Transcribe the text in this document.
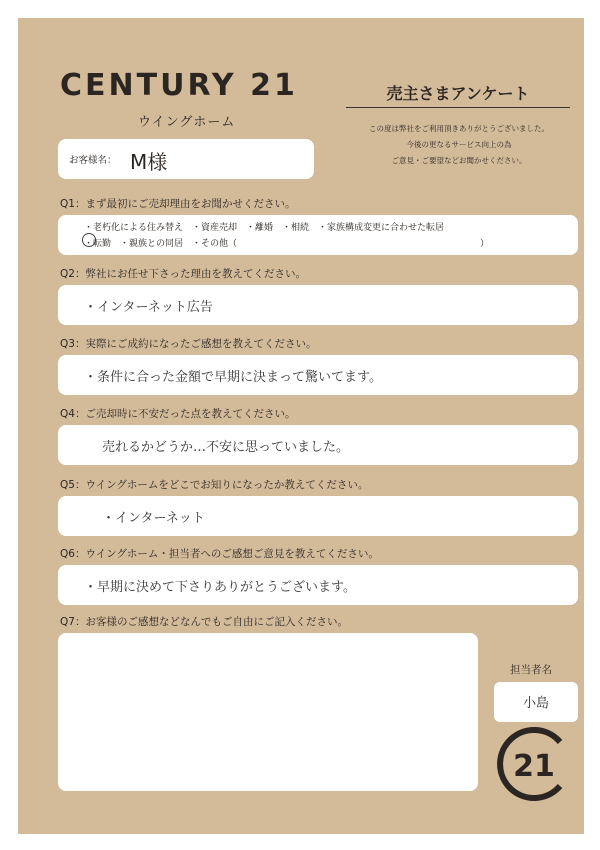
CENTURY 21
ウイングホーム
売主さまアンケート
この度は弊社をご利用頂きありがとうございました。
今後の更なるサービス向上の為
ご意見・ご要望などお聞かせください。
お客様名： M様
Q1：まず最初にご売却理由をお聞かせください。
・老朽化による住み替え　・資産売却　・離婚　・相続　・家族構成変更に合わせた転居
・転勤　・親族との同居　・その他（　　　　　　　　　　　　　　　　　　　　　　　　　　　）
Q2：弊社にお任せ下さった理由を教えてください。
・インターネット広告
Q3：実際にご成約になったご感想を教えてください。
・条件に合った金額で早期に決まって驚いてます。
Q4：ご売却時に不安だった点を教えてください。
売れるかどうか…不安に思っていました。
Q5：ウイングホームをどこでお知りになったか教えてください。
・インターネット
Q6：ウイングホーム・担当者へのご感想ご意見を教えてください。
・早期に決めて下さりありがとうございます。
Q7：お客様のご感想などなんでもご自由にご記入ください。
担当者名
小島
21
